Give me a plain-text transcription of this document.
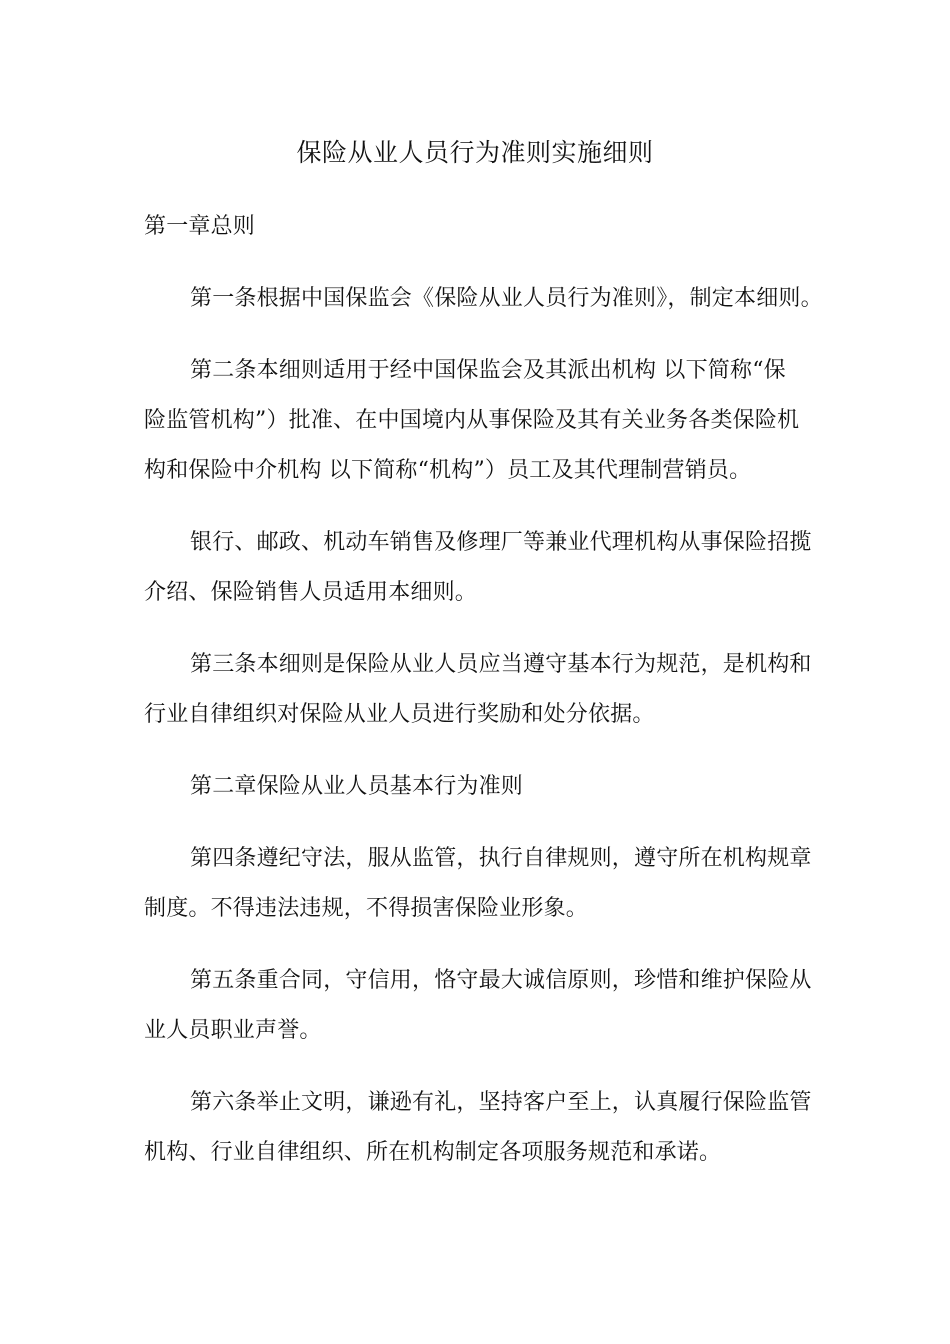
保险从业人员行为准则实施细则
第一章总则
第一条根据中国保监会《保险从业人员行为准则》，制定本细则。
第二条本细则适用于经中国保监会及其派出机构 以下简称“保
险监管机构”）批准、在中国境内从事保险及其有关业务各类保险机
构和保险中介机构 以下简称“机构”）员工及其代理制营销员。
银行、邮政、机动车销售及修理厂等兼业代理机构从事保险招揽
介绍、保险销售人员适用本细则。
第三条本细则是保险从业人员应当遵守基本行为规范，是机构和
行业自律组织对保险从业人员进行奖励和处分依据。
第二章保险从业人员基本行为准则
第四条遵纪守法，服从监管，执行自律规则，遵守所在机构规章
制度。不得违法违规，不得损害保险业形象。
第五条重合同，守信用，恪守最大诚信原则，珍惜和维护保险从
业人员职业声誉。
第六条举止文明，谦逊有礼，坚持客户至上，认真履行保险监管
机构、行业自律组织、所在机构制定各项服务规范和承诺。
